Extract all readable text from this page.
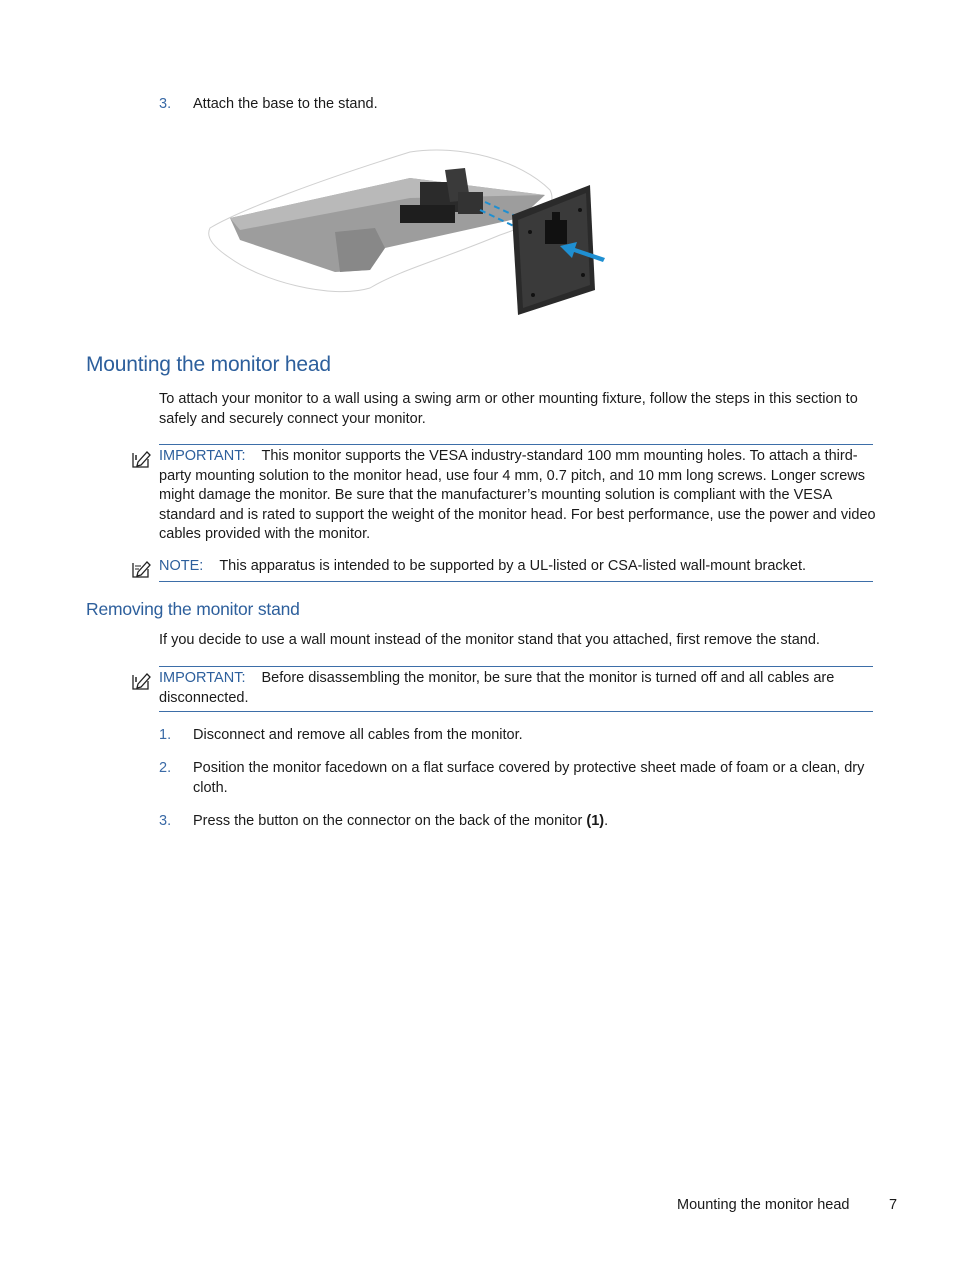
3. Attach the base to the stand.
Mounting the monitor head

To attach your monitor to a wall using a swing arm or other mounting fixture, follow the steps in this section to safely and securely connect your monitor.

IMPORTANT: This monitor supports the VESA industry-standard 100 mm mounting holes. To attach a third-party mounting solution to the monitor head, use four 4 mm, 0.7 pitch, and 10 mm long screws. Longer screws might damage the monitor. Be sure that the manufacturer’s mounting solution is compliant with the VESA standard and is rated to support the weight of the monitor head. For best performance, use the power and video cables provided with the monitor.
NOTE: This apparatus is intended to be supported by a UL-listed or CSA-listed wall-mount bracket.
Removing the monitor stand

If you decide to use a wall mount instead of the monitor stand that you attached, first remove the stand.

IMPORTANT: Before disassembling the monitor, be sure that the monitor is turned off and all cables are disconnected.
1. Disconnect and remove all cables from the monitor.
2. Position the monitor facedown on a flat surface covered by protective sheet made of foam or a clean, dry cloth.
3. Press the button on the connector on the back of the monitor (1).
Mounting the monitor head	7
